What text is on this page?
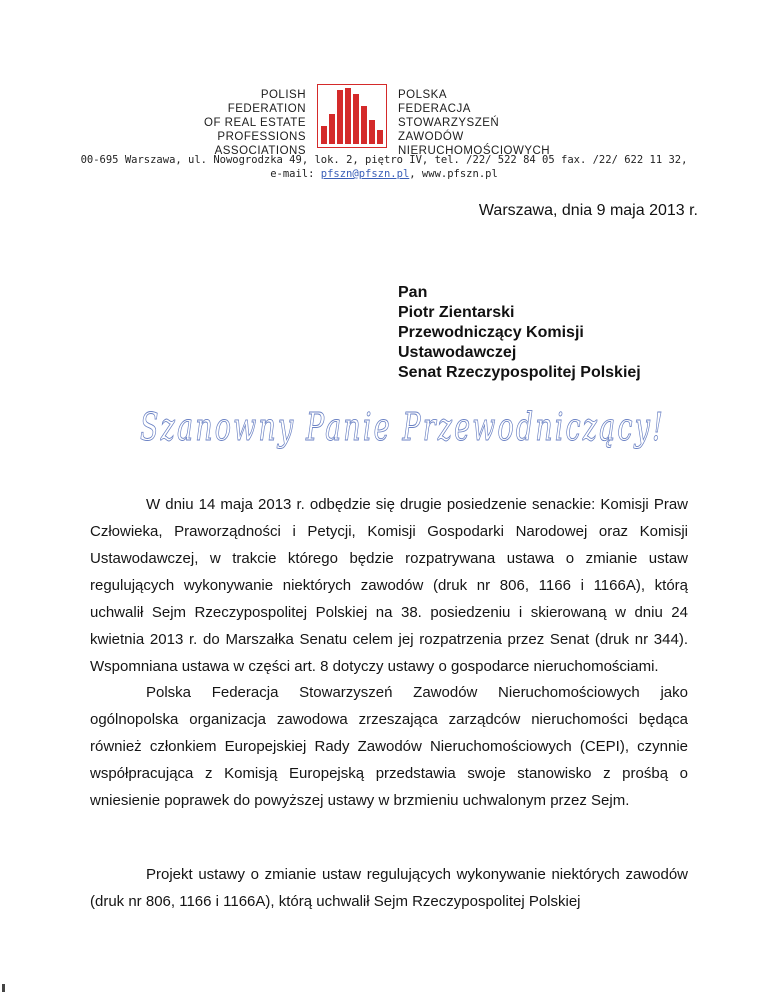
POLISH
FEDERATION
OF REAL ESTATE
PROFESSIONS
ASSOCIATIONS
POLSKA
FEDERACJA
STOWARZYSZEŃ
ZAWODÓW
NIERUCHOMOŚCIOWYCH
00-695 Warszawa, ul. Nowogrodzka 49, lok. 2, piętro IV, tel. /22/ 522 84 05 fax. /22/ 622 11 32,
e-mail: pfszn@pfszn.pl, www.pfszn.pl
Warszawa, dnia 9 maja 2013 r.
Pan
Piotr Zientarski
Przewodniczący Komisji
Ustawodawczej
Senat Rzeczypospolitej Polskiej
Szanowny Panie Przewodniczący!

W dniu 14 maja 2013 r. odbędzie się drugie posiedzenie senackie: Komisji Praw Człowieka, Praworządności i Petycji, Komisji Gospodarki Narodowej oraz Komisji Ustawodawczej, w trakcie którego będzie rozpatrywana ustawa o zmianie ustaw regulujących wykonywanie niektórych zawodów (druk nr 806, 1166 i 1166A), którą uchwalił Sejm Rzeczypospolitej Polskiej na 38. posiedzeniu i skierowaną w dniu 24 kwietnia 2013 r. do Marszałka Senatu celem jej rozpatrzenia przez Senat (druk nr 344). Wspomniana ustawa w części art. 8 dotyczy ustawy o gospodarce nieruchomościami.

Polska Federacja Stowarzyszeń Zawodów Nieruchomościowych jako ogólnopolska organizacja zawodowa zrzeszająca zarządców nieruchomości będąca również członkiem Europejskiej Rady Zawodów Nieruchomościowych (CEPI), czynnie współpracująca z Komisją Europejską przedstawia swoje stanowisko z prośbą o wniesienie poprawek do powyższej ustawy w brzmieniu uchwalonym przez Sejm.

Projekt ustawy o zmianie ustaw regulujących wykonywanie niektórych zawodów (druk nr 806, 1166 i 1166A), którą uchwalił Sejm Rzeczypospolitej Polskiej
